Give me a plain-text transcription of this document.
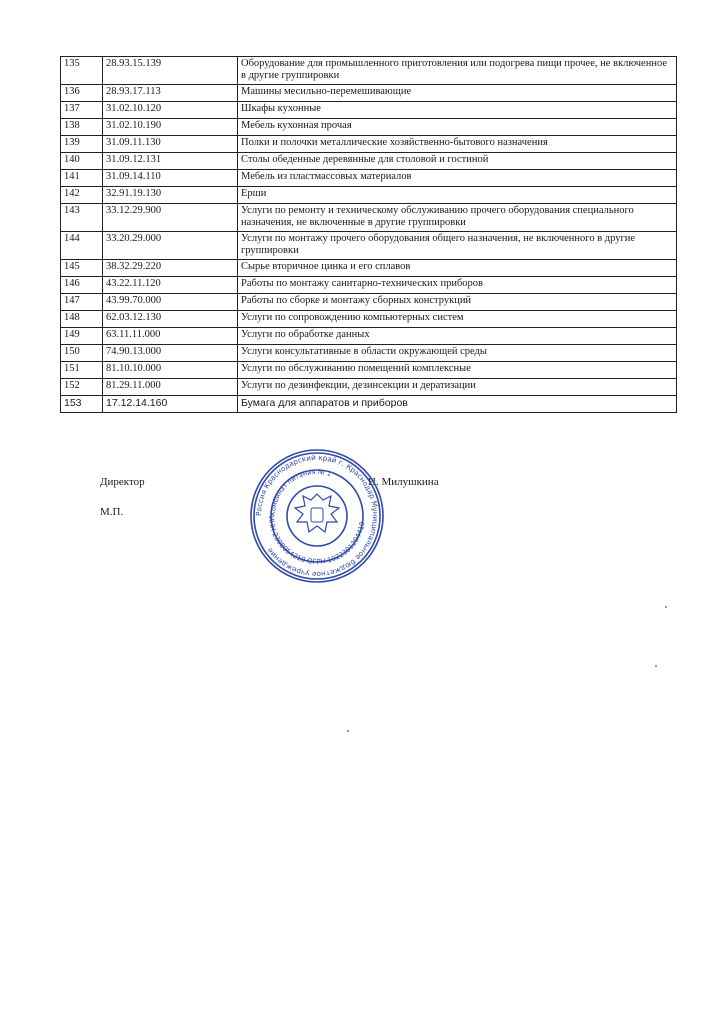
135	28.93.15.139	Оборудование для промышленного приготовления или подогрева пищи прочее, не включенное в другие группировки
136	28.93.17.113	Машины месильно-перемешивающие
137	31.02.10.120	Шкафы кухонные
138	31.02.10.190	Мебель кухонная прочая
139	31.09.11.130	Полки и полочки металлические хозяйственно-бытового назначения
140	31.09.12.131	Столы обеденные деревянные для столовой и гостиной
141	31.09.14.110	Мебель из пластмассовых материалов
142	32.91.19.130	Ерши
143	33.12.29.900	Услуги по ремонту и техническому обслуживанию прочего оборудования специального назначения, не включенные в другие группировки
144	33.20.29.000	Услуги по монтажу прочего оборудования общего назначения, не включенного в другие группировки
145	38.32.29.220	Сырье вторичное цинка и его сплавов
146	43.22.11.120	Работы по монтажу санитарно-технических приборов
147	43.99.70.000	Работы по сборке и монтажу сборных конструкций
148	62.03.12.130	Услуги по сопровождению компьютерных систем
149	63.11.11.000	Услуги по обработке данных
150	74.90.13.000	Услуги консультативные в области окружающей среды
151	81.10.10.000	Услуги по обслуживанию помещений комплексные
152	81.29.11.000	Услуги по дезинфекции, дезинсекции и дератизации
153	17.12.14.160	Бумага для аппаратов и приборов
Директор
М.П.
Н. Милушкина
Россия Краснодарский край г. Краснодар Муниципальное бюджетное учреждение
Комбинат питания № 1
ИНН 2308054210 ОГРН 1022301204419
